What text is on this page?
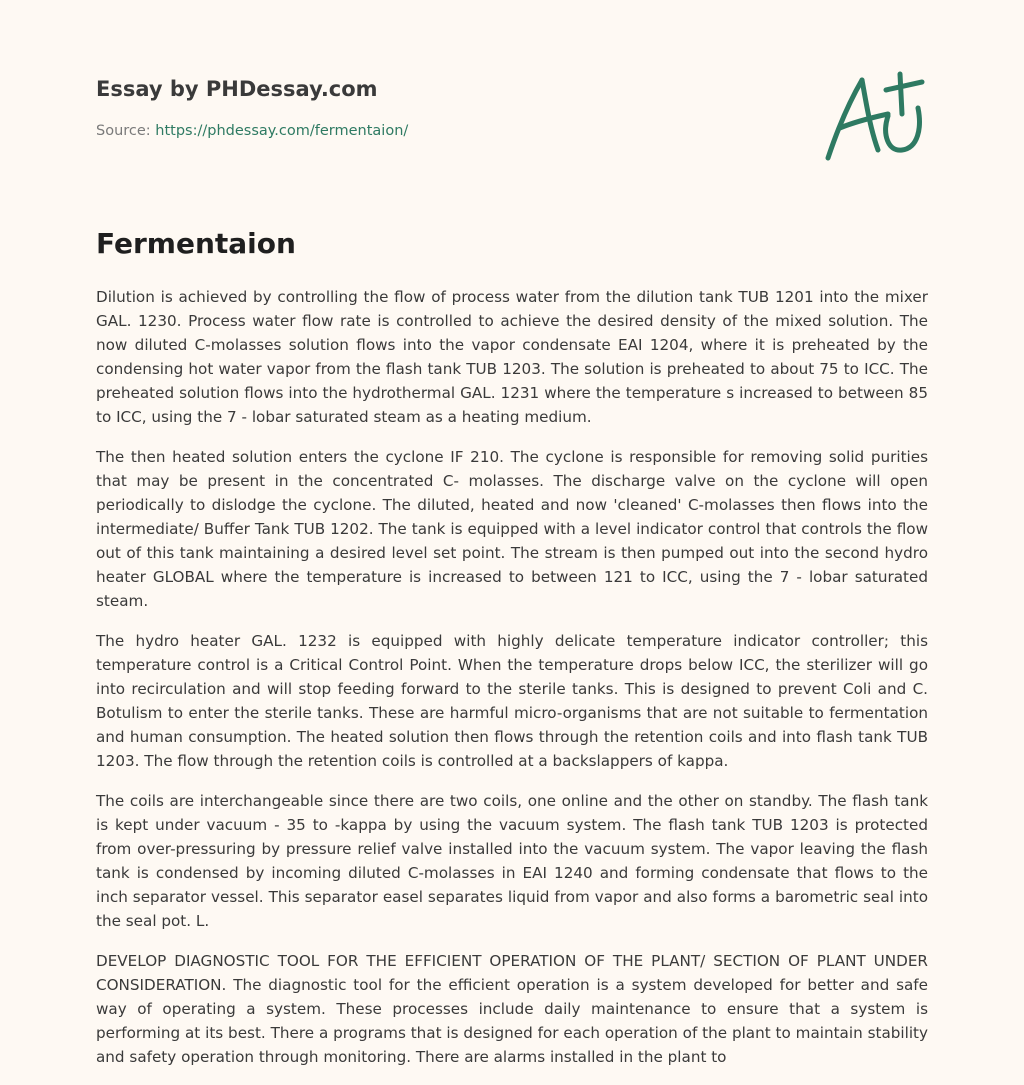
Essay by PHDessay.com
Source: https://phdessay.com/fermentaion/
Fermentaion

Dilution is achieved by controlling the flow of process water from the dilution tank TUB 1201 into the mixer GAL. 1230. Process water flow rate is controlled to achieve the desired density of the mixed solution. The now diluted C-molasses solution flows into the vapor condensate EAI 1204, where it is preheated by the condensing hot water vapor from the flash tank TUB 1203. The solution is preheated to about 75 to ICC. The preheated solution flows into the hydrothermal GAL. 1231 where the temperature s increased to between 85 to ICC, using the 7 - lobar saturated steam as a heating medium.

The then heated solution enters the cyclone IF 210. The cyclone is responsible for removing solid purities that may be present in the concentrated C- molasses. The discharge valve on the cyclone will open periodically to dislodge the cyclone. The diluted, heated and now 'cleaned' C-molasses then flows into the intermediate/ Buffer Tank TUB 1202. The tank is equipped with a level indicator control that controls the flow out of this tank maintaining a desired level set point. The stream is then pumped out into the second hydro heater GLOBAL where the temperature is increased to between 121 to ICC, using the 7 - lobar saturated steam.

The hydro heater GAL. 1232 is equipped with highly delicate temperature indicator controller; this temperature control is a Critical Control Point. When the temperature drops below ICC, the sterilizer will go into recirculation and will stop feeding forward to the sterile tanks. This is designed to prevent Coli and C. Botulism to enter the sterile tanks. These are harmful micro-organisms that are not suitable to fermentation and human consumption. The heated solution then flows through the retention coils and into flash tank TUB 1203. The flow through the retention coils is controlled at a backslappers of kappa.

The coils are interchangeable since there are two coils, one online and the other on standby. The flash tank is kept under vacuum - 35 to -kappa by using the vacuum system. The flash tank TUB 1203 is protected from over-pressuring by pressure relief valve installed into the vacuum system. The vapor leaving the flash tank is condensed by incoming diluted C-molasses in EAI 1240 and forming condensate that flows to the inch separator vessel. This separator easel separates liquid from vapor and also forms a barometric seal into the seal pot. L.

DEVELOP DIAGNOSTIC TOOL FOR THE EFFICIENT OPERATION OF THE PLANT/ SECTION OF PLANT UNDER CONSIDERATION. The diagnostic tool for the efficient operation is a system developed for better and safe way of operating a system. These processes include daily maintenance to ensure that a system is performing at its best. There a programs that is designed for each operation of the plant to maintain stability and safety operation through monitoring. There are alarms installed in the plant to
